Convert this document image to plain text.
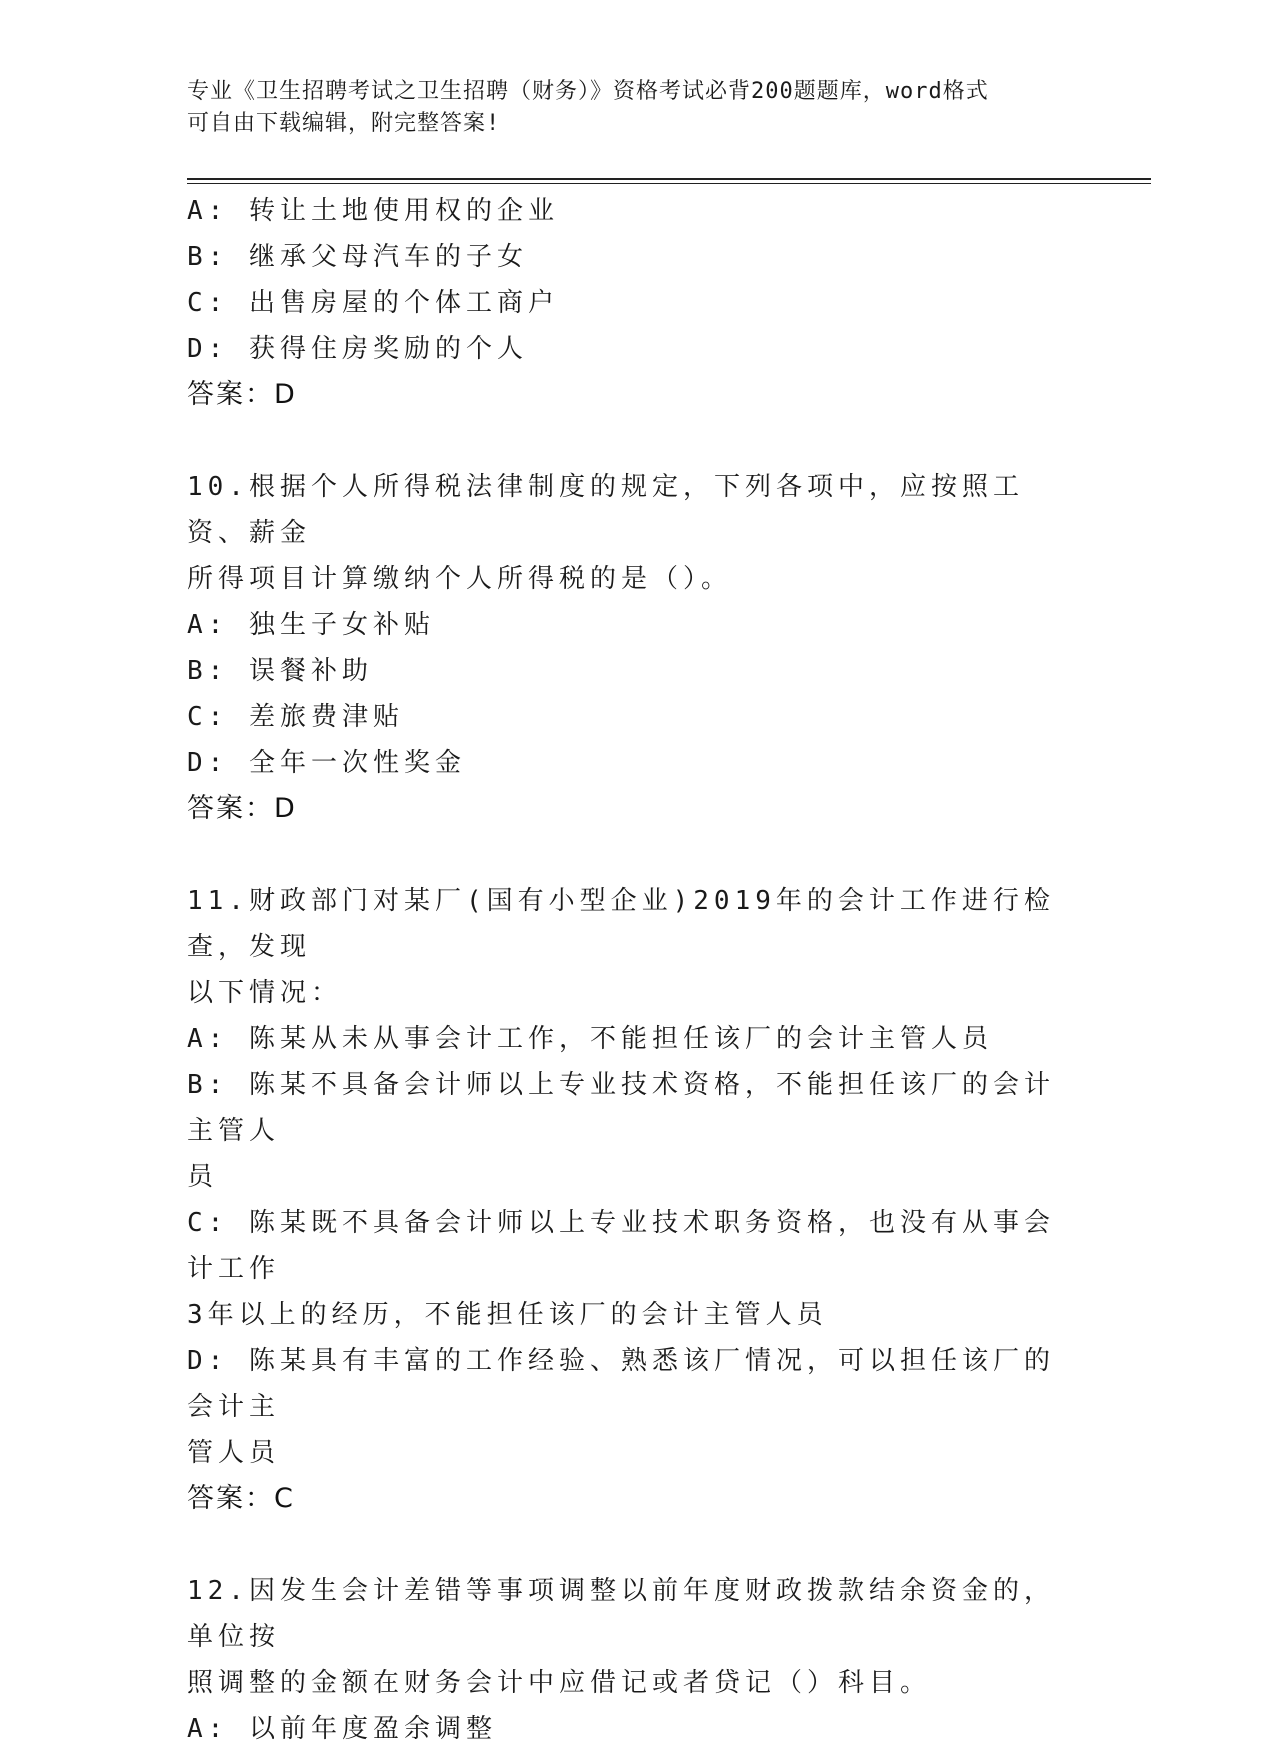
专业《卫生招聘考试之卫生招聘（财务）》资格考试必背200题题库，word格式
可自由下载编辑，附完整答案!
A: 转让土地使用权的企业
B: 继承父母汽车的子女
C: 出售房屋的个体工商户
D: 获得住房奖励的个人
答案：D
10.根据个人所得税法律制度的规定，下列各项中，应按照工资、薪金
所得项目计算缴纳个人所得税的是（）。
A: 独生子女补贴
B: 误餐补助
C: 差旅费津贴
D: 全年一次性奖金
答案：D
11.财政部门对某厂(国有小型企业)2019年的会计工作进行检查，发现
以下情况：
A: 陈某从未从事会计工作，不能担任该厂的会计主管人员
B: 陈某不具备会计师以上专业技术资格，不能担任该厂的会计主管人
员
C: 陈某既不具备会计师以上专业技术职务资格，也没有从事会计工作
3年以上的经历，不能担任该厂的会计主管人员
D: 陈某具有丰富的工作经验、熟悉该厂情况，可以担任该厂的会计主
管人员
答案：C
12.因发生会计差错等事项调整以前年度财政拨款结余资金的，单位按
照调整的金额在财务会计中应借记或者贷记（）科目。
A: 以前年度盈余调整
